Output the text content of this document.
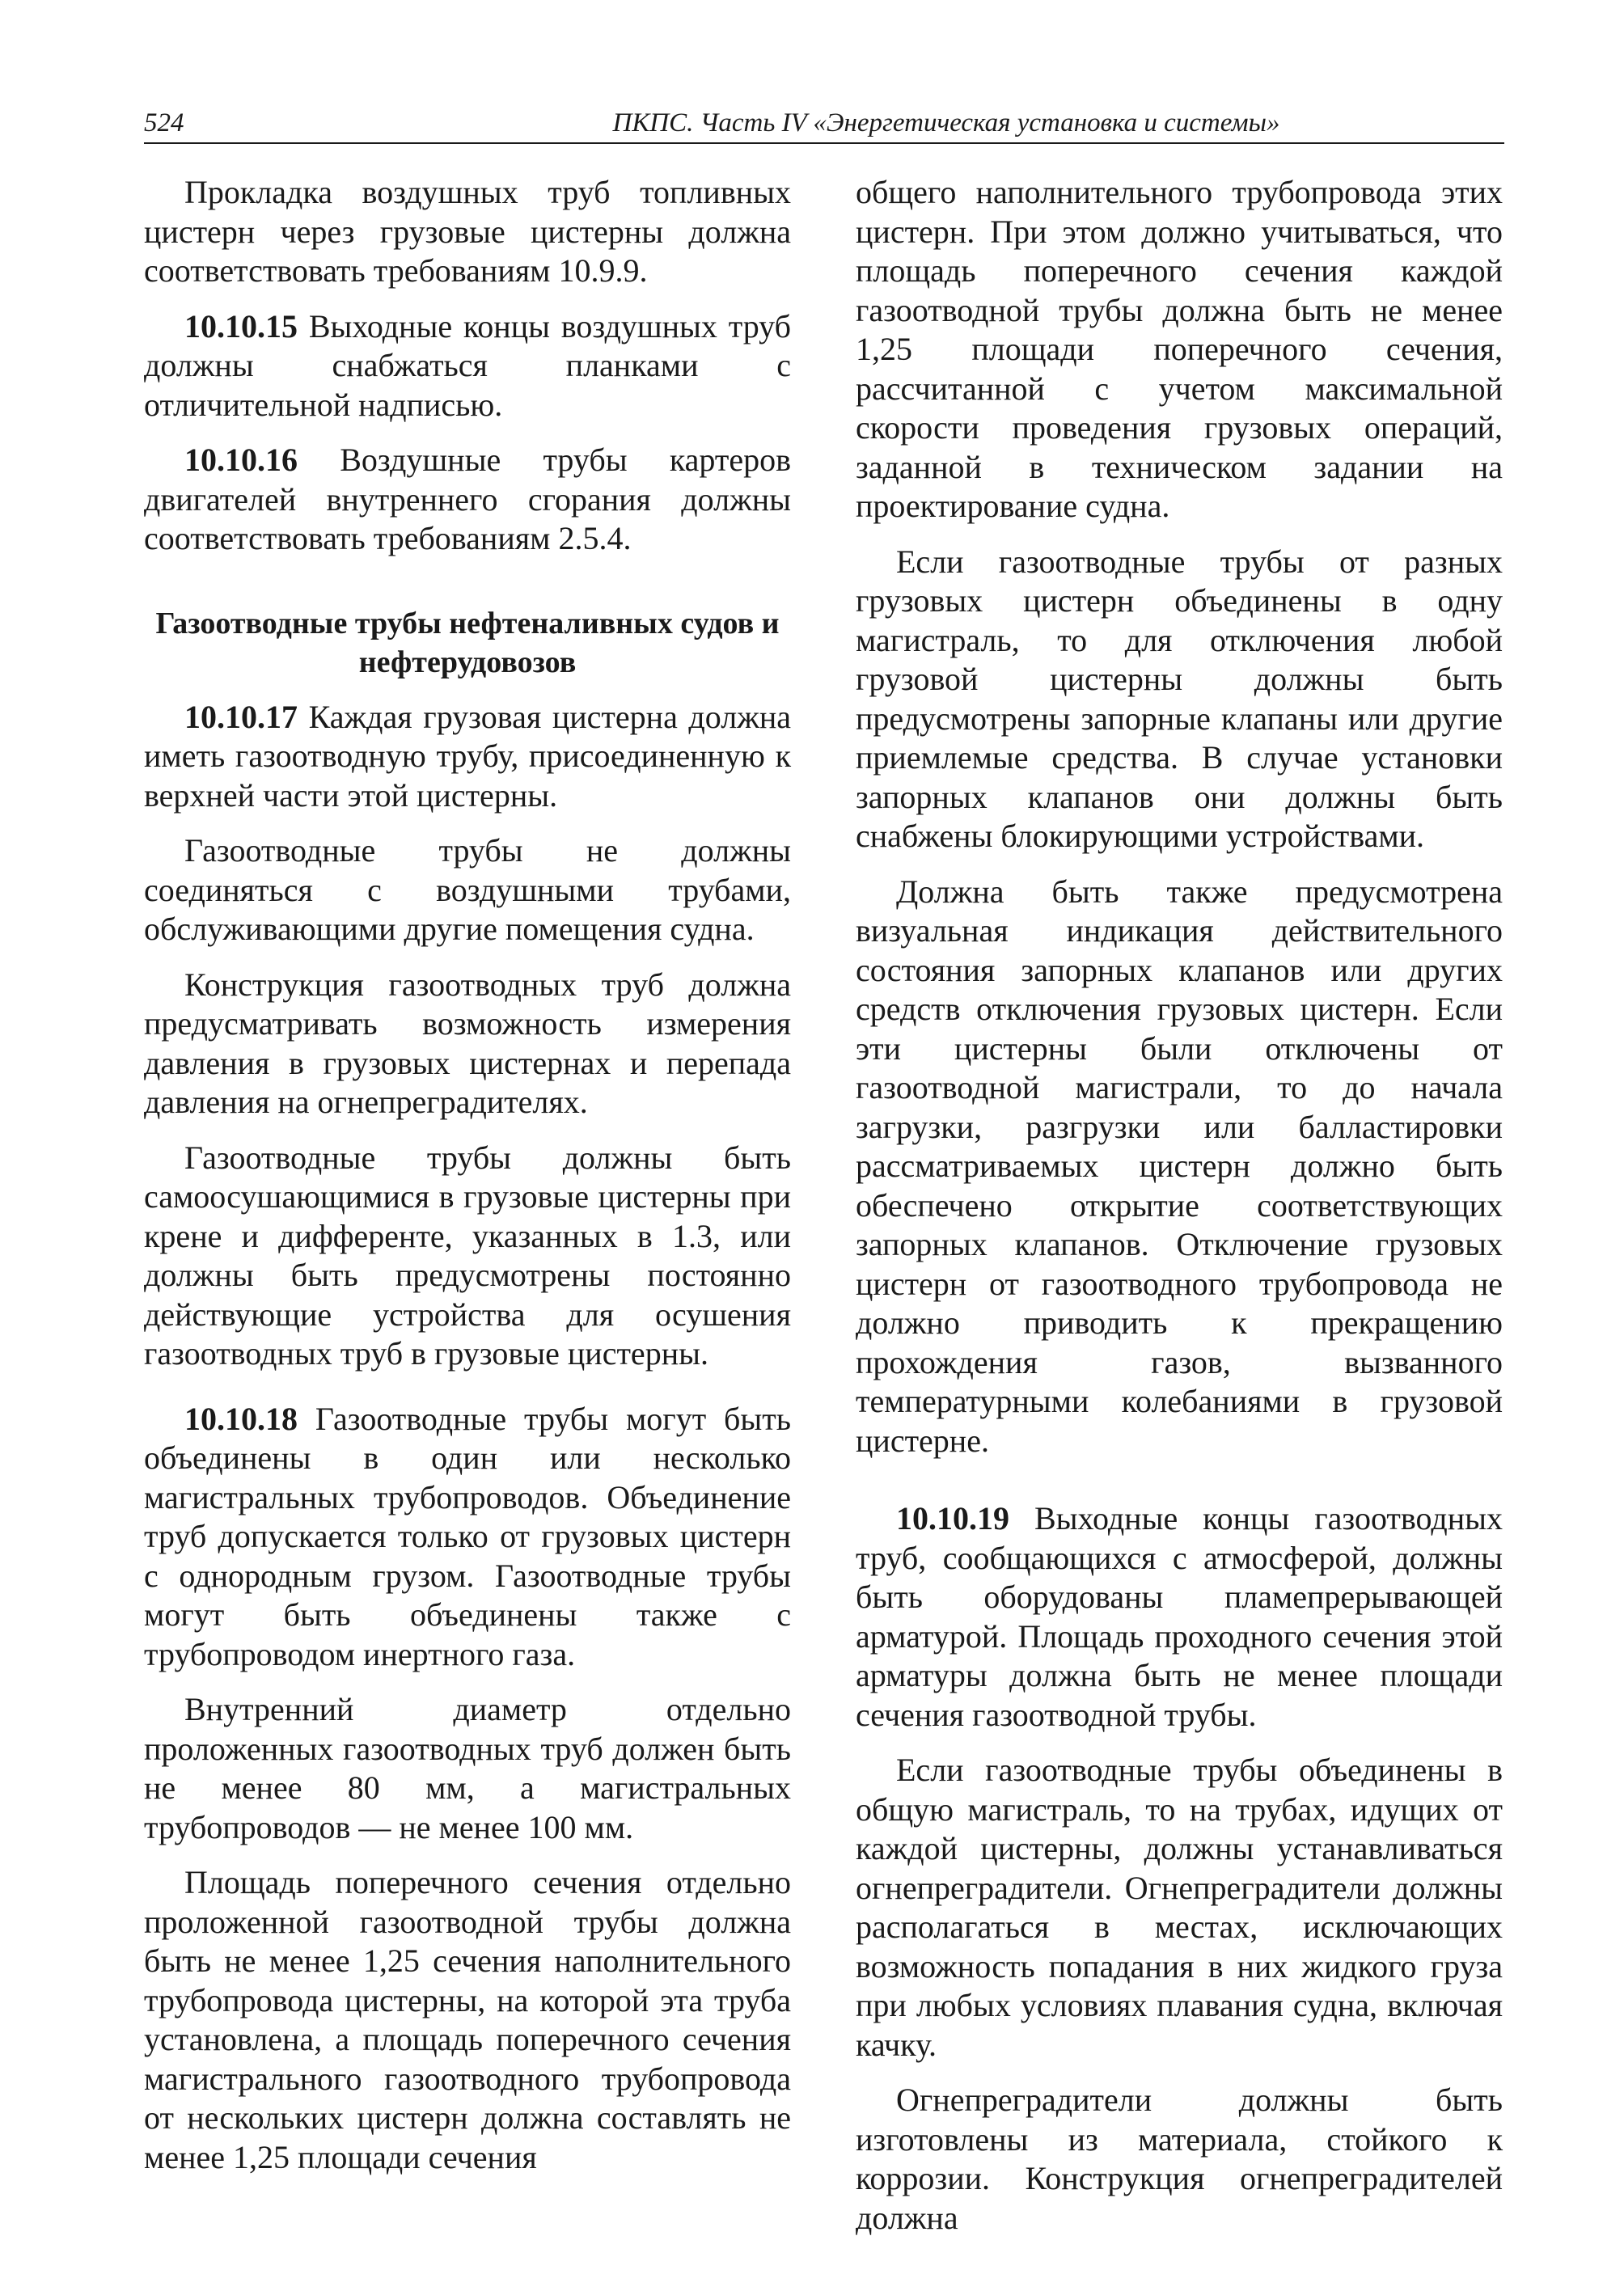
524	ПКПС. Часть IV «Энергетическая установка и системы»

Прокладка воздушных труб топливных цистерн через грузовые цистерны должна соответствовать требованиям 10.9.9.

10.10.15 Выходные концы воздушных труб должны снабжаться планками с отличительной надписью.

10.10.16 Воздушные трубы картеров двигателей внутреннего сгорания должны соответствовать требованиям 2.5.4.

Газоотводные трубы нефтеналивных судов и нефтерудовозов

10.10.17 Каждая грузовая цистерна должна иметь газоотводную трубу, присоединенную к верхней части этой цистерны.

Газоотводные трубы не должны соединяться с воздушными трубами, обслуживающими другие помещения судна.

Конструкция газоотводных труб должна предусматривать возможность измерения давления в грузовых цистернах и перепада давления на огнепреградителях.

Газоотводные трубы должны быть самоосушающимися в грузовые цистерны при крене и дифференте, указанных в 1.3, или должны быть предусмотрены постоянно действующие устройства для осушения газоотводных труб в грузовые цистерны.

10.10.18 Газоотводные трубы могут быть объединены в один или несколько магистральных трубопроводов. Объединение труб допускается только от грузовых цистерн с однородным грузом. Газоотводные трубы могут быть объединены также с трубопроводом инертного газа.

Внутренний диаметр отдельно проложенных газоотводных труб должен быть не менее 80 мм, а магистральных трубопроводов — не менее 100 мм.

Площадь поперечного сечения отдельно проложенной газоотводной трубы должна быть не менее 1,25 сечения наполнительного трубопровода цистерны, на которой эта труба установлена, а площадь поперечного сечения магистрального газоотводного трубопровода от нескольких цистерн должна составлять не менее 1,25 площади сечения

общего наполнительного трубопровода этих цистерн. При этом должно учитываться, что площадь поперечного сечения каждой газоотводной трубы должна быть не менее 1,25 площади поперечного сечения, рассчитанной с учетом максимальной скорости проведения грузовых операций, заданной в техническом задании на проектирование судна.

Если газоотводные трубы от разных грузовых цистерн объединены в одну магистраль, то для отключения любой грузовой цистерны должны быть предусмотрены запорные клапаны или другие приемлемые средства. В случае установки запорных клапанов они должны быть снабжены блокирующими устройствами.

Должна быть также предусмотрена визуальная индикация действительного состояния запорных клапанов или других средств отключения грузовых цистерн. Если эти цистерны были отключены от газоотводной магистрали, то до начала загрузки, разгрузки или балластировки рассматриваемых цистерн должно быть обеспечено открытие соответствующих запорных клапанов. Отключение грузовых цистерн от газоотводного трубопровода не должно приводить к прекращению прохождения газов, вызванного температурными колебаниями в грузовой цистерне.

10.10.19 Выходные концы газоотводных труб, сообщающихся с атмосферой, должны быть оборудованы пламепрерывающей арматурой. Площадь проходного сечения этой арматуры должна быть не менее площади сечения газоотводной трубы.

Если газоотводные трубы объединены в общую магистраль, то на трубах, идущих от каждой цистерны, должны устанавливаться огнепреградители. Огнепреградители должны располагаться в местах, исключающих возможность попадания в них жидкого груза при любых условиях плавания судна, включая качку.

Огнепреградители должны быть изготовлены из материала, стойкого к коррозии. Конструкция огнепреградителей должна
